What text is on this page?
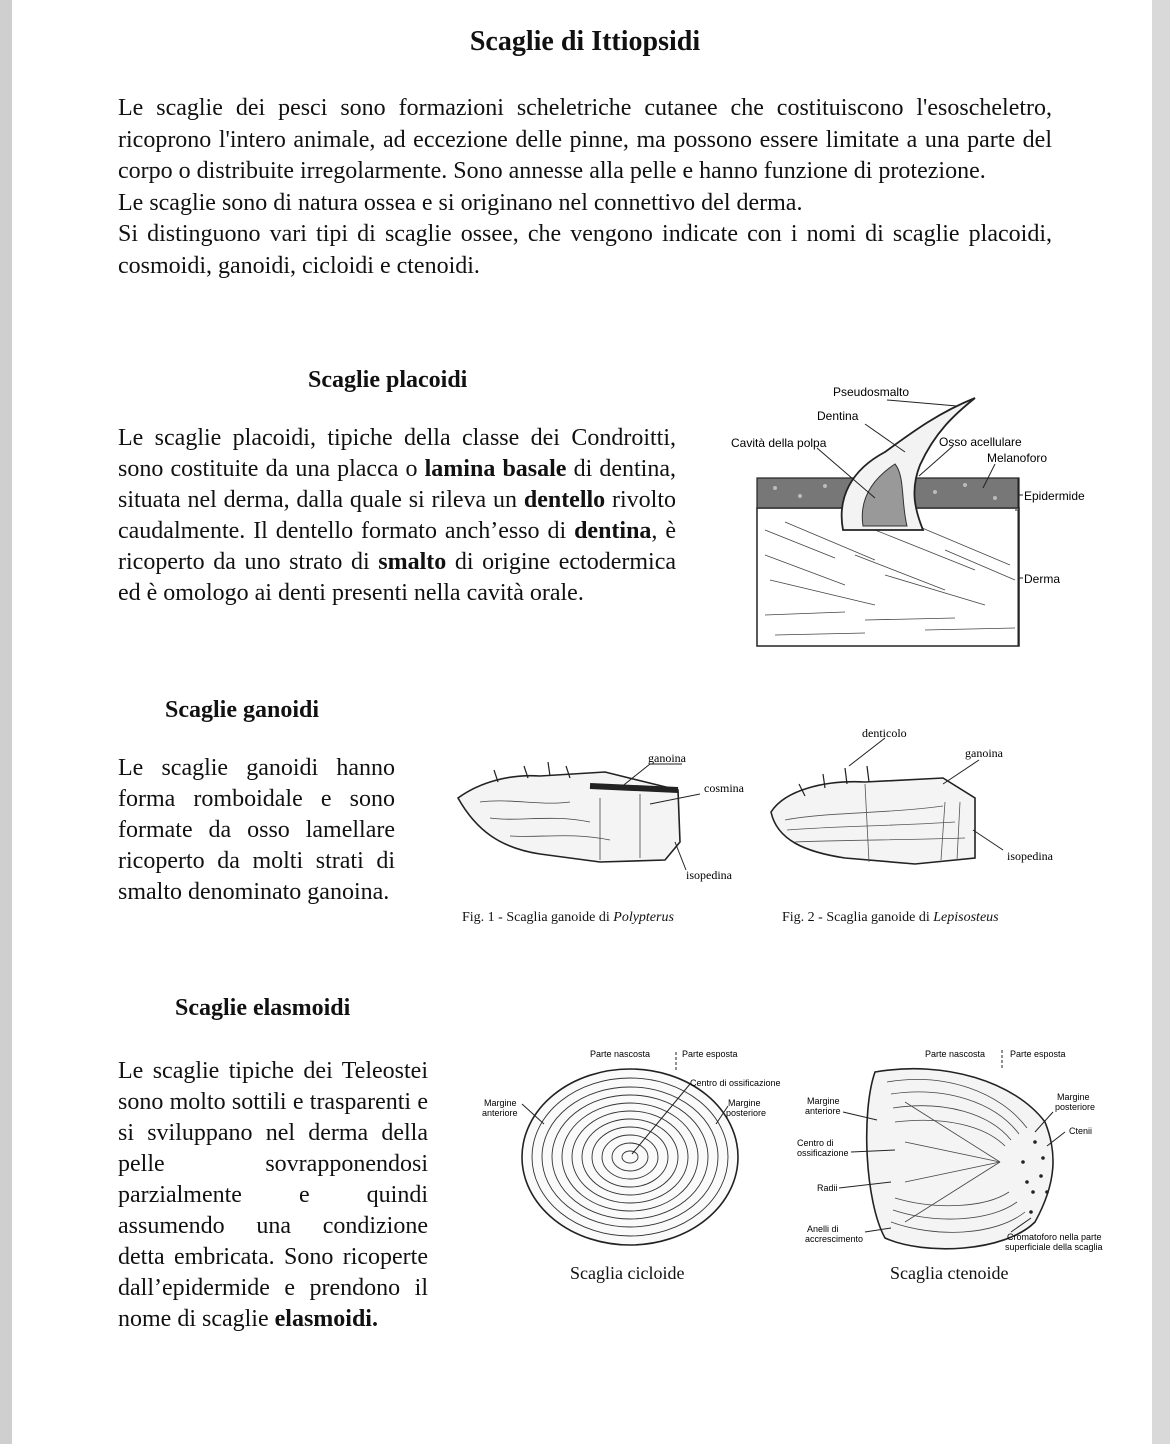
Scaglie di Ittiopsidi

Le scaglie dei pesci sono formazioni scheletriche cutanee che costituiscono l'esoscheletro, ricoprono l'intero animale, ad eccezione delle pinne, ma possono essere limitate a una parte del corpo o distribuite irregolarmente. Sono annesse alla pelle e hanno funzione di protezione.

Le scaglie sono di natura ossea e si originano nel connettivo del derma.

Si distinguono vari tipi di scaglie ossee, che vengono indicate con i nomi di scaglie placoidi, cosmoidi, ganoidi, cicloidi e ctenoidi.

Scaglie placoidi

Le scaglie placoidi, tipiche della classe dei Condroitti, sono costituite da una placca o lamina basale di dentina, situata nel derma, dalla quale si rileva un dentello rivolto caudalmente. Il dentello formato anch’esso di dentina, è ricoperto da uno strato di smalto di origine ectodermica ed è omologo ai denti presenti nella cavità orale.

Pseudosmalto
Dentina
Cavità della polpa	Osso acellulare
Melanoforo
Epidermide
Derma
Scaglie ganoidi

Le scaglie ganoidi hanno forma romboidale e sono formate da osso lamellare ricoperto da molti strati di smalto denominato ganoina.

ganoina
cosmina
isopedina
denticolo
ganoina
isopedina
Fig. 1 - Scaglia ganoide di Polypterus	Fig. 2 - Scaglia ganoide di Lepisosteus
Scaglie elasmoidi

Le scaglie tipiche dei Teleostei sono molto sottili e trasparenti e si sviluppano nel derma della pelle sovrapponendosi parzialmente e quindi assumendo una condizione detta embricata. Sono ricoperte dall’epidermide e prendono il nome di scaglie elasmoidi.

Parte nascosta	Parte esposta
Centro di ossificazione
Margine
anteriore
Margine
posteriore
Scaglia cicloide
Parte nascosta	Parte esposta
Margine
anteriore
Margine
posteriore
Ctenii
Centro di
ossificazione
Radii
Anelli di
accrescimento	Cromatoforo nella parte
superficiale della scaglia
Scaglia ctenoide
